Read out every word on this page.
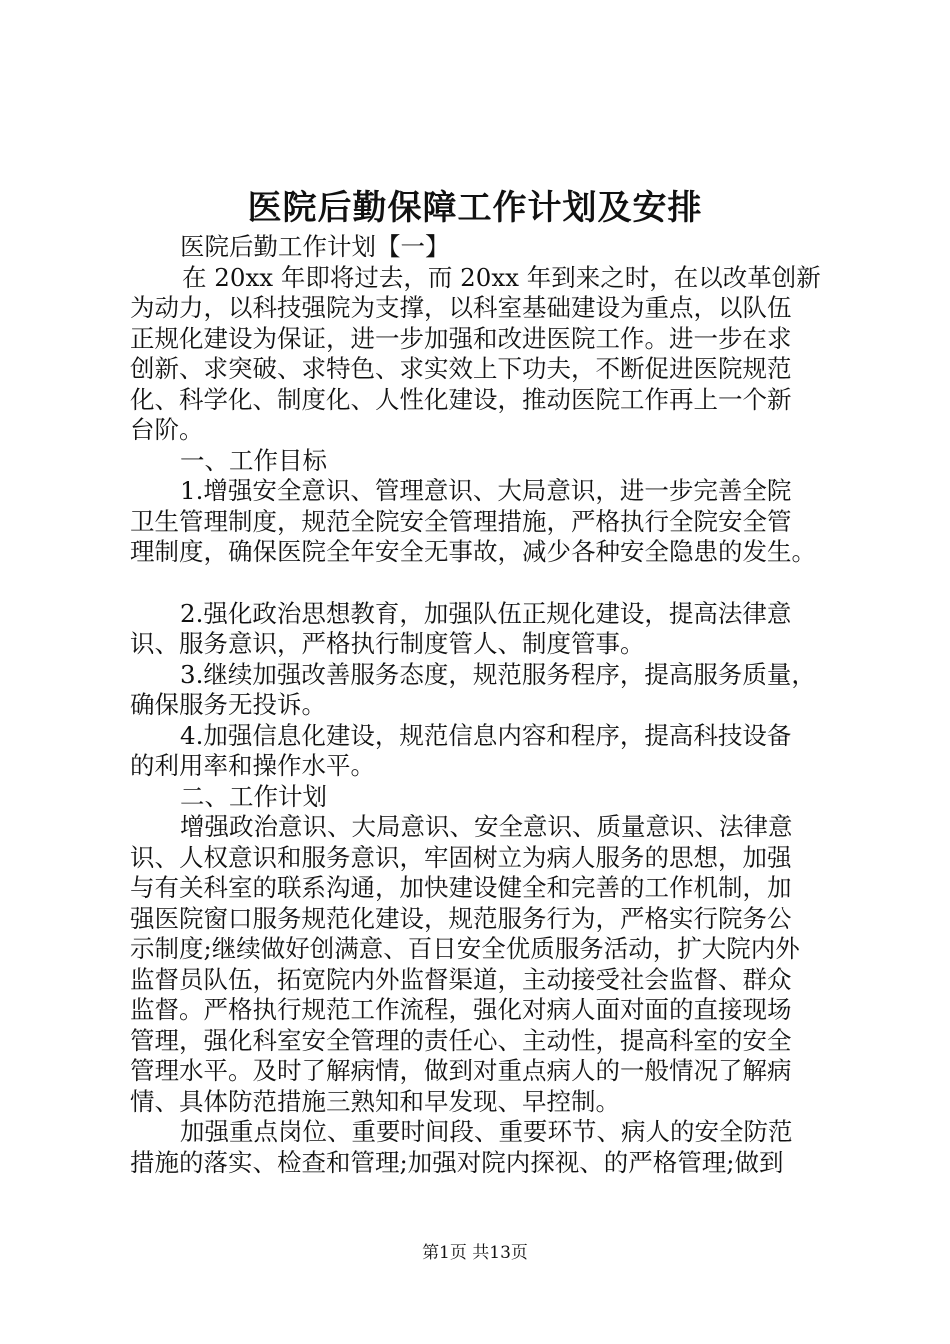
医院后勤保障工作计划及安排

医院后勤工作计划【一】

在 20xx 年即将过去，而 20xx 年到来之时，在以改革创新

为动力，以科技强院为支撑，以科室基础建设为重点，以队伍

正规化建设为保证，进一步加强和改进医院工作。进一步在求

创新、求突破、求特色、求实效上下功夫，不断促进医院规范

化、科学化、制度化、人性化建设，推动医院工作再上一个新

台阶。

一、工作目标

1.增强安全意识、管理意识、大局意识，进一步完善全院

卫生管理制度，规范全院安全管理措施，严格执行全院安全管

理制度，确保医院全年安全无事故，减少各种安全隐患的发生。

2.强化政治思想教育，加强队伍正规化建设，提高法律意

识、服务意识，严格执行制度管人、制度管事。

3.继续加强改善服务态度，规范服务程序，提高服务质量，

确保服务无投诉。

4.加强信息化建设，规范信息内容和程序，提高科技设备

的利用率和操作水平。

二、工作计划

增强政治意识、大局意识、安全意识、质量意识、法律意

识、人权意识和服务意识，牢固树立为病人服务的思想，加强

与有关科室的联系沟通，加快建设健全和完善的工作机制，加

强医院窗口服务规范化建设，规范服务行为，严格实行院务公

示制度;继续做好创满意、百日安全优质服务活动，扩大院内外

监督员队伍，拓宽院内外监督渠道，主动接受社会监督、群众

监督。严格执行规范工作流程，强化对病人面对面的直接现场

管理，强化科室安全管理的责任心、主动性，提高科室的安全

管理水平。及时了解病情，做到对重点病人的一般情况了解病

情、具体防范措施三熟知和早发现、早控制。

加强重点岗位、重要时间段、重要环节、病人的安全防范

措施的落实、检查和管理;加强对院内探视、的严格管理;做到

第1页 共13页
